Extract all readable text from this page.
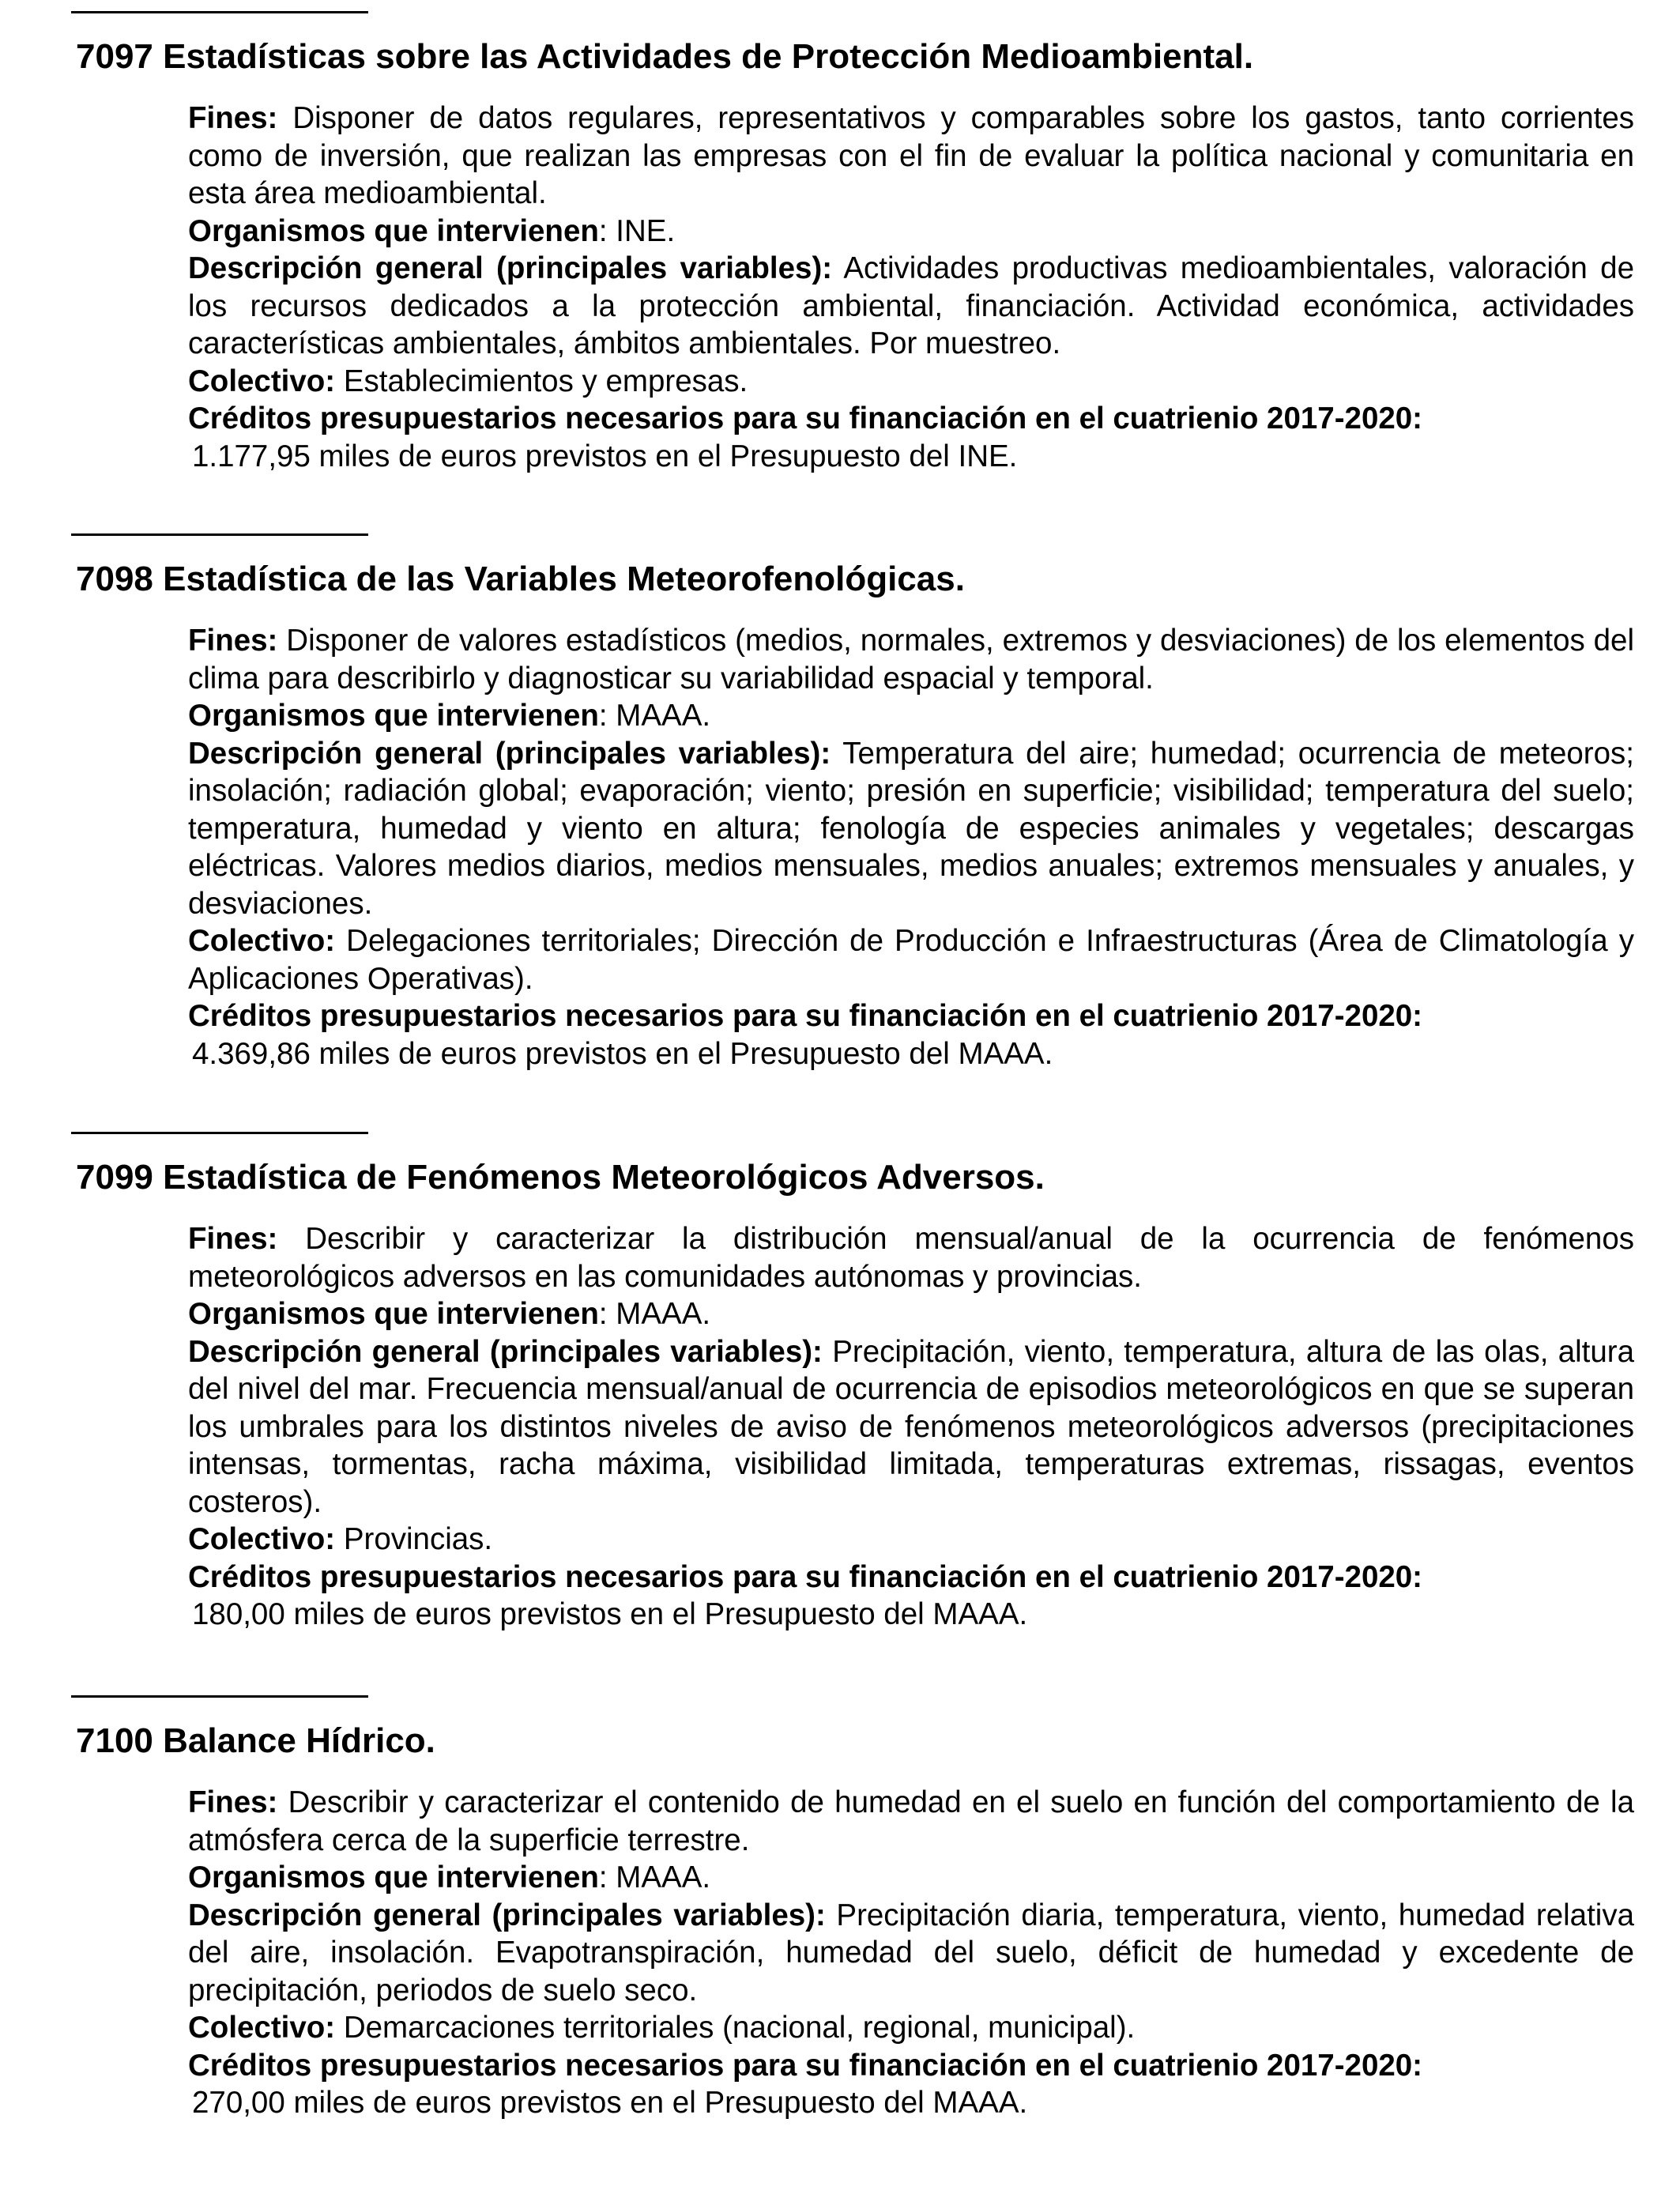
7097 Estadísticas sobre las Actividades de Protección Medioambiental.

Fines: Disponer de datos regulares, representativos y comparables sobre los gastos, tanto corrientes como de inversión, que realizan las empresas con el fin de evaluar la política nacional y comunitaria en esta área medioambiental.

Organismos que intervienen: INE.

Descripción general (principales variables): Actividades productivas medioambientales, valoración de los recursos dedicados a la protección ambiental, financiación. Actividad económica, actividades características ambientales, ámbitos ambientales. Por muestreo.

Colectivo: Establecimientos y empresas.

Créditos presupuestarios necesarios para su financiación en el cuatrienio 2017-2020:

1.177,95 miles de euros previstos en el Presupuesto del INE.

7098 Estadística de las Variables Meteorofenológicas.

Fines: Disponer de valores estadísticos (medios, normales, extremos y desviaciones) de los elementos del clima para describirlo y diagnosticar su variabilidad espacial y temporal.

Organismos que intervienen: MAAA.

Descripción general (principales variables): Temperatura del aire; humedad; ocurrencia de meteoros; insolación; radiación global; evaporación; viento; presión en superficie; visibilidad; temperatura del suelo; temperatura, humedad y viento en altura; fenología de especies animales y vegetales; descargas eléctricas. Valores medios diarios, medios mensuales, medios anuales; extremos mensuales y anuales, y desviaciones.

Colectivo: Delegaciones territoriales; Dirección de Producción e Infraestructuras (Área de Climatología y Aplicaciones Operativas).

Créditos presupuestarios necesarios para su financiación en el cuatrienio 2017-2020:

4.369,86 miles de euros previstos en el Presupuesto del MAAA.

7099 Estadística de Fenómenos Meteorológicos Adversos.

Fines: Describir y caracterizar la distribución mensual/anual de la ocurrencia de fenómenos meteorológicos adversos en las comunidades autónomas y provincias.

Organismos que intervienen: MAAA.

Descripción general (principales variables): Precipitación, viento, temperatura, altura de las olas, altura del nivel del mar. Frecuencia mensual/anual de ocurrencia de episodios meteorológicos en que se superan los umbrales para los distintos niveles de aviso de fenómenos meteorológicos adversos (precipitaciones intensas, tormentas, racha máxima, visibilidad limitada, temperaturas extremas, rissagas, eventos costeros).

Colectivo: Provincias.

Créditos presupuestarios necesarios para su financiación en el cuatrienio 2017-2020:

180,00 miles de euros previstos en el Presupuesto del MAAA.

7100 Balance Hídrico.

Fines: Describir y caracterizar el contenido de humedad en el suelo en función del comportamiento de la atmósfera cerca de la superficie terrestre.

Organismos que intervienen: MAAA.

Descripción general (principales variables): Precipitación diaria, temperatura, viento, humedad relativa del aire, insolación. Evapotranspiración, humedad del suelo, déficit de humedad y excedente de precipitación, periodos de suelo seco.

Colectivo: Demarcaciones territoriales (nacional, regional, municipal).

Créditos presupuestarios necesarios para su financiación en el cuatrienio 2017-2020:

270,00 miles de euros previstos en el Presupuesto del MAAA.
